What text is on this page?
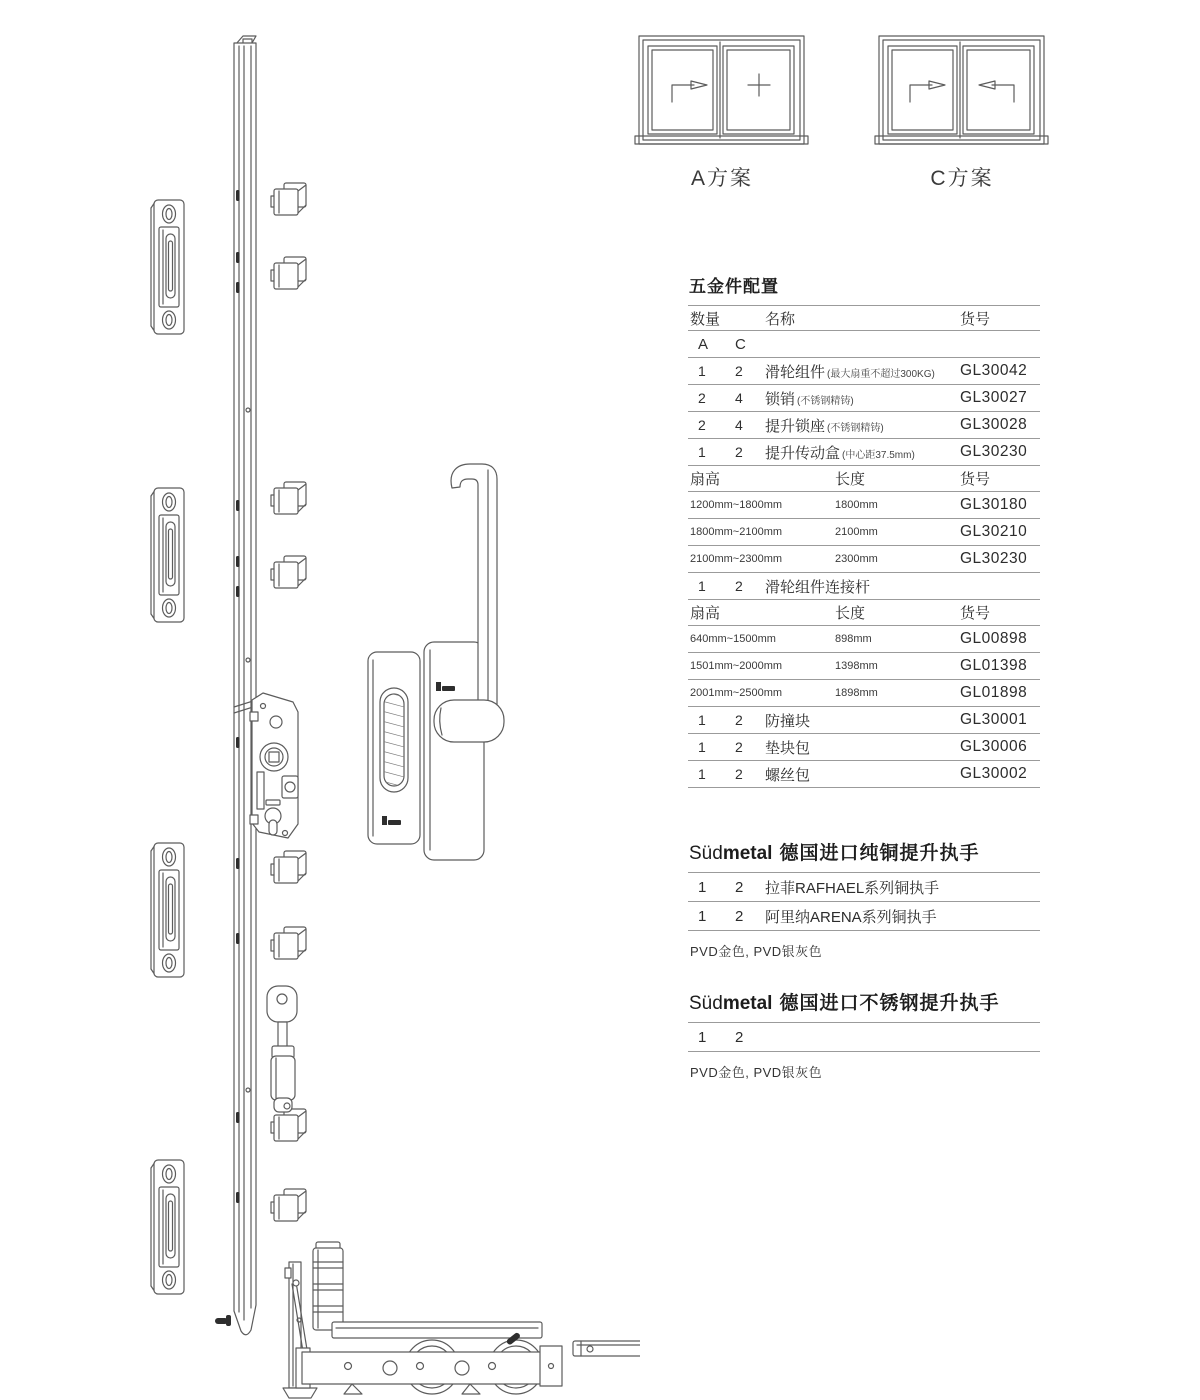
A方案	C方案
五金件配置
数量	名称	货号
A	C
1	2	滑轮组件 (最大扇重不超过300KG)	GL30042
2	4	锁销 (不锈钢精铸)	GL30027
2	4	提升锁座 (不锈钢精铸)	GL30028
1	2	提升传动盒 (中心距37.5mm)	GL30230
扇高	长度	货号
1200mm~1800mm	1800mm	GL30180
1800mm~2100mm	2100mm	GL30210
2100mm~2300mm	2300mm	GL30230
1	2	滑轮组件连接杆
扇高	长度	货号
640mm~1500mm	898mm	GL00898
1501mm~2000mm	1398mm	GL01398
2001mm~2500mm	1898mm	GL01898
1	2	防撞块	GL30001
1	2	垫块包	GL30006
1	2	螺丝包	GL30002
Südmetal 德国进口纯铜提升执手
1	2	拉菲RAFHAEL系列铜执手
1	2	阿里纳ARENA系列铜执手
PVD金色, PVD银灰色
Südmetal 德国进口不锈钢提升执手
1	2
PVD金色, PVD银灰色
